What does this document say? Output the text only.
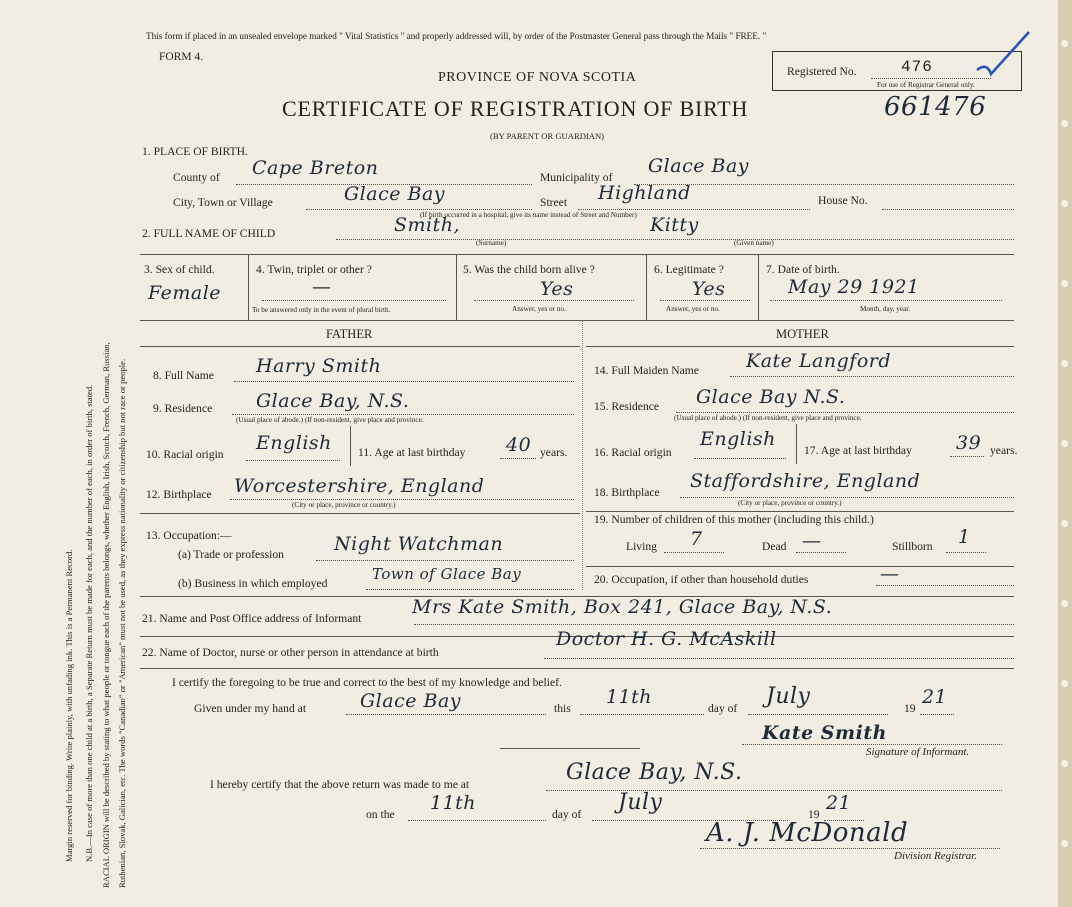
Margin reserved for binding. Write plainly, with unfading ink. This is a Permanent Record. N.B.—In case of more than one child at a birth, a Separate Return must be made for each, and the number of each, in order of birth, stated. RACIAL ORIGIN will be described by stating to what people or tongue each of the parents belongs, whether English, Irish, Scotch, French, German, Russian, Ruthenian, Slovak, Galician, etc. The words "Canadian" or "American" must not be used, as they express nationality or citizenship but not race or people.
This form if placed in an unsealed envelope marked " Vital Statistics " and properly addressed will, by order of the Postmaster General pass through the Mails " FREE. "
FORM 4.
PROVINCE OF NOVA SCOTIA
CERTIFICATE OF REGISTRATION OF BIRTH
(BY PARENT OR GUARDIAN)
Registered No.	476
For use of Registrar General only.
661476
1. PLACE OF BIRTH.
County of Cape Breton	Municipality of
Glace Bay
City, Town or Village	Glace Bay	Street Highland	House No.
(If birth occurred in a hospital, give its name instead of Street and Number)
2. FULL NAME OF CHILD	Smith,	Kitty
(Surname)	(Given name)
3. Sex of child.
Female
4. Twin, triplet or other ?
—
To be answered only in the event of plural birth.
5. Was the child born alive ?
Yes
Answer, yes or no.
6. Legitimate ?
Yes
Answer, yes or no.
7. Date of birth.
May 29 1921
Month, day, year.
FATHER	MOTHER
8. Full Name Harry Smith
9. Residence Glace Bay, N.S.
(Usual place of abode.) (If non-resident, give place and province.
10. Racial origin
English 11. Age at last birthday 40 years.
12. Birthplace Worcestershire, England
(City or place, province or country.)
13. Occupation:—
(a) Trade or profession	Night Watchman
(b) Business in which employed
Town of Glace Bay
14. Full Maiden Name Kate Langford
15. Residence Glace Bay N.S.
(Usual place of abode.) (If non-resident, give place and province.
16. Racial origin
English
17. Age at last birthday 39 years.
18. Birthplace
Staffordshire, England
(City or place, province or country.)
19. Number of children of this mother (including this child.)
Living 7	Dead —	Stillborn 1
20. Occupation, if other than household duties	—
21. Name and Post Office address of Informant
Mrs Kate Smith, Box 241, Glace Bay, N.S.
22. Name of Doctor, nurse or other person in attendance at birth
Doctor H. G. McAskill
I certify the foregoing to be true and correct to the best of my knowledge and belief.
Given under my hand at	Glace Bay	this
11th
day of July	19
21
Kate Smith
Signature of Informant.
I hereby certify that the above return was made to me at	Glace Bay, N.S.
on the
11th
day of July	19
21
A. J. McDonald
Division Registrar.
